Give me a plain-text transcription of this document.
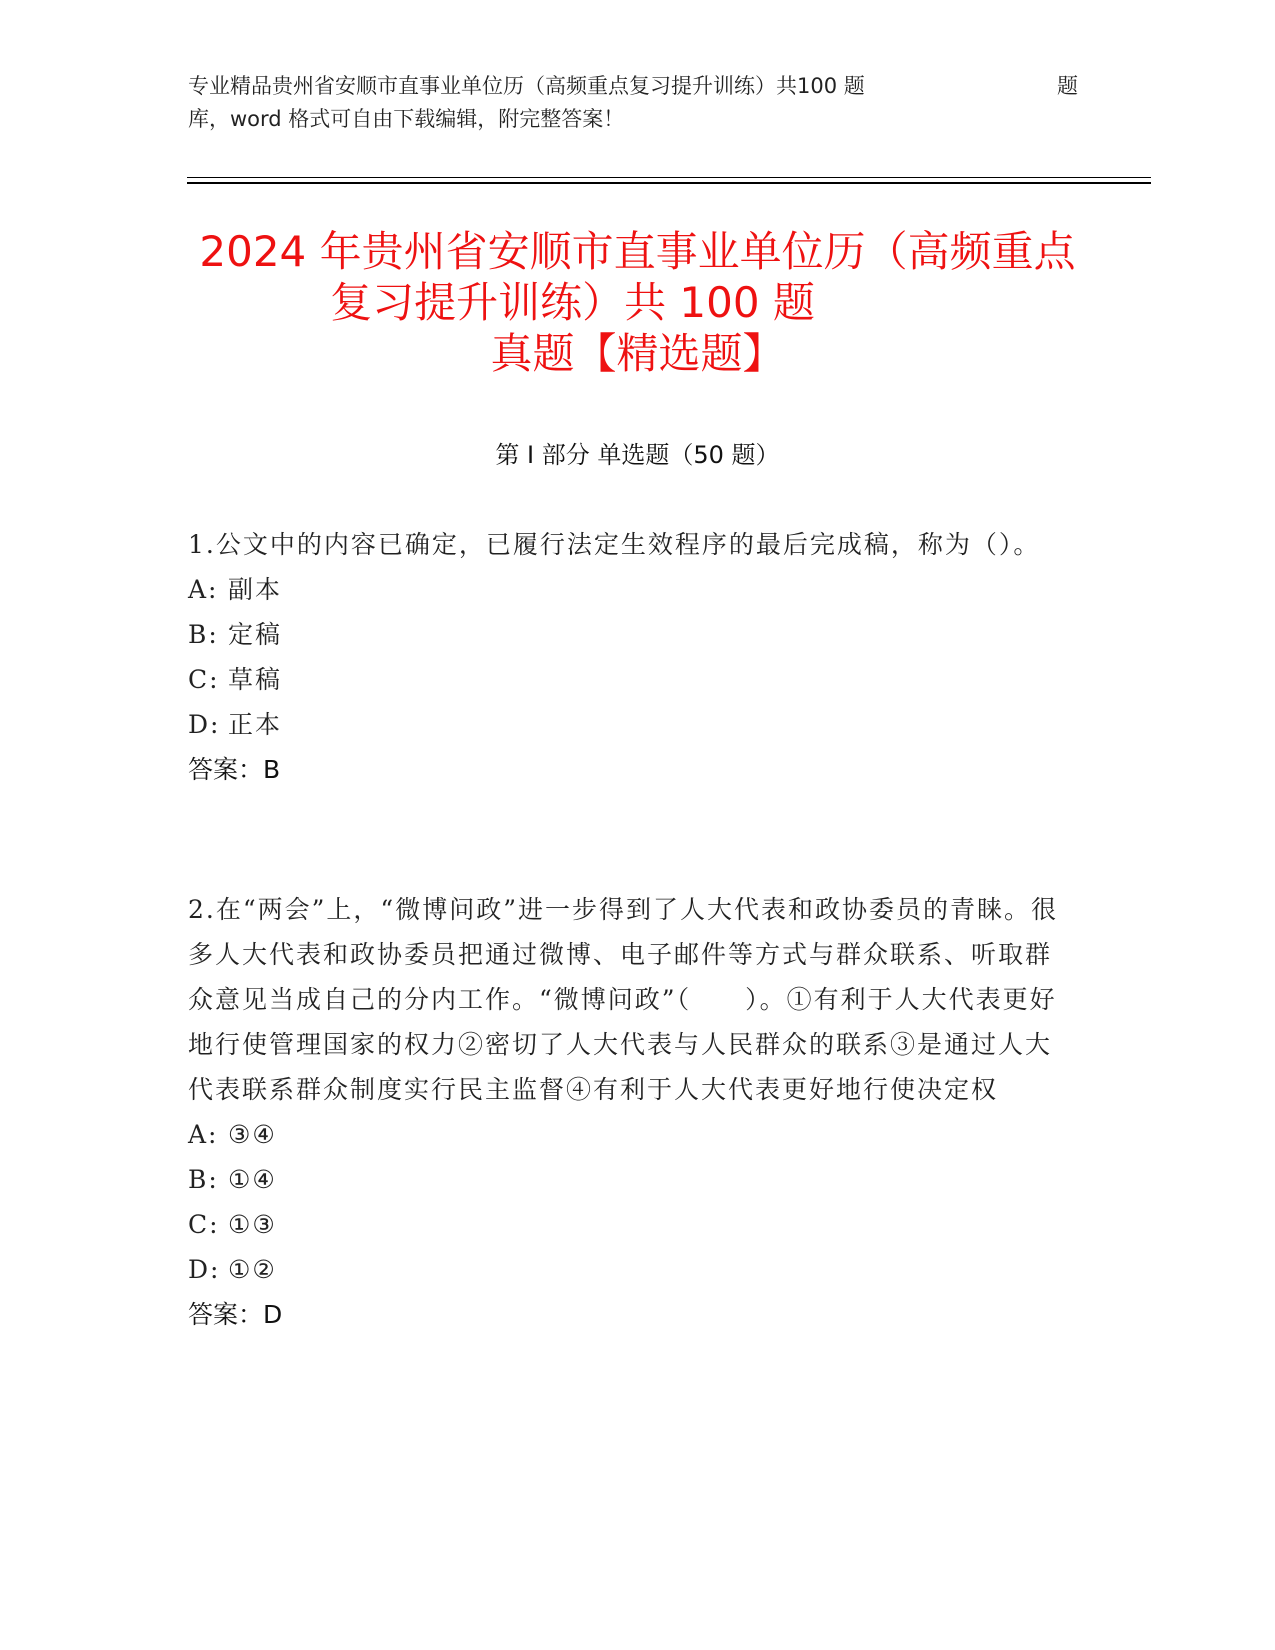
专业精品贵州省安顺市直事业单位历（高频重点复习提升训练）共100 题	题
库，word 格式可自由下载编辑，附完整答案！
2024 年贵州省安顺市直事业单位历（高频重点复习提升训练）共 100 题真题【精选题】
第 I 部分 单选题（50 题）
1.公文中的内容已确定，已履行法定生效程序的最后完成稿，称为（）。
A: 副本
B: 定稿
C: 草稿
D: 正本
答案：B
2.在“两会”上，“微博问政”进一步得到了人大代表和政协委员的青睐。很多人大代表和政协委员把通过微博、电子邮件等方式与群众联系、听取群众意见当成自己的分内工作。“微博问政”（　　）。①有利于人大代表更好地行使管理国家的权力②密切了人大代表与人民群众的联系③是通过人大代表联系群众制度实行民主监督④有利于人大代表更好地行使决定权
A: ③④
B: ①④
C: ①③
D: ①②
答案：D
